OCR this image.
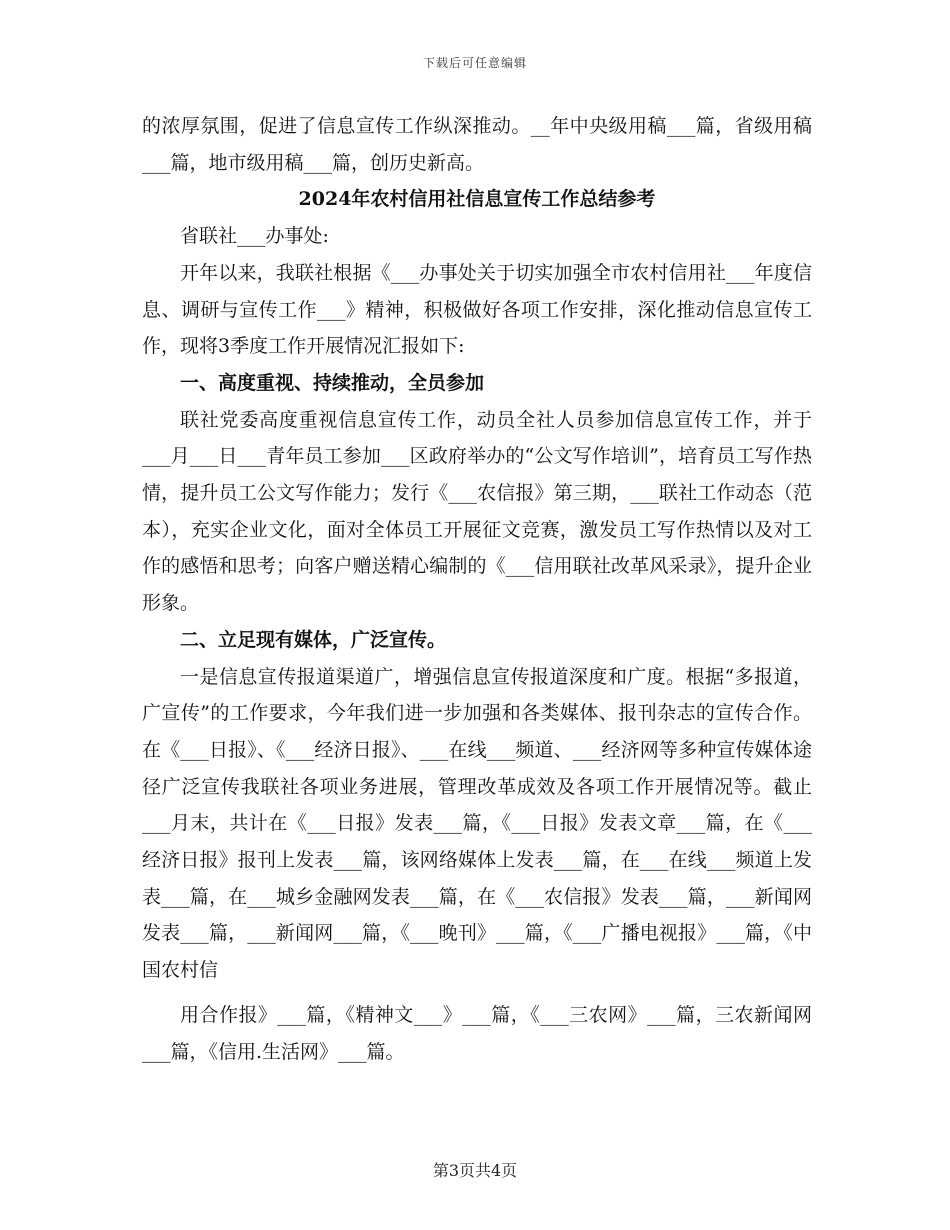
下载后可任意编辑

的浓厚氛围，促进了信息宣传工作纵深推动。__年中央级用稿___篇，省级用稿___篇，地市级用稿___篇，创历史新高。

2024年农村信用社信息宣传工作总结参考

省联社___办事处:

开年以来，我联社根据《___办事处关于切实加强全市农村信用社___年度信息、调研与宣传工作___》精神，积极做好各项工作安排，深化推动信息宣传工作，现将3季度工作开展情况汇报如下:

一、高度重视、持续推动，全员参加

联社党委高度重视信息宣传工作，动员全社人员参加信息宣传工作，并于___月___日___青年员工参加___区政府举办的“公文写作培训”，培育员工写作热情，提升员工公文写作能力；发行《___农信报》第三期，___联社工作动态（范本），充实企业文化，面对全体员工开展征文竞赛，激发员工写作热情以及对工作的感悟和思考；向客户赠送精心编制的《___信用联社改革风采录》，提升企业形象。

二、立足现有媒体，广泛宣传。

一是信息宣传报道渠道广，增强信息宣传报道深度和广度。根据“多报道，广宣传”的工作要求，今年我们进一步加强和各类媒体、报刊杂志的宣传合作。在《___日报》、《___经济日报》、___在线___频道、___经济网等多种宣传媒体途径广泛宣传我联社各项业务进展，管理改革成效及各项工作开展情况等。截止___月末，共计在《___日报》发表___篇，《___日报》发表文章___篇，在《___经济日报》报刊上发表___篇，该网络媒体上发表___篇，在___在线___频道上发表___篇，在___城乡金融网发表___篇，在《___农信报》发表___篇，___新闻网发表___篇，___新闻网___篇，《___晚刊》___篇，《___广播电视报》___篇，《中国农村信

用合作报》___篇，《精神文___》___篇，《___三农网》___篇，三农新闻网___篇，《信用.生活网》___篇。

第3页共4页
